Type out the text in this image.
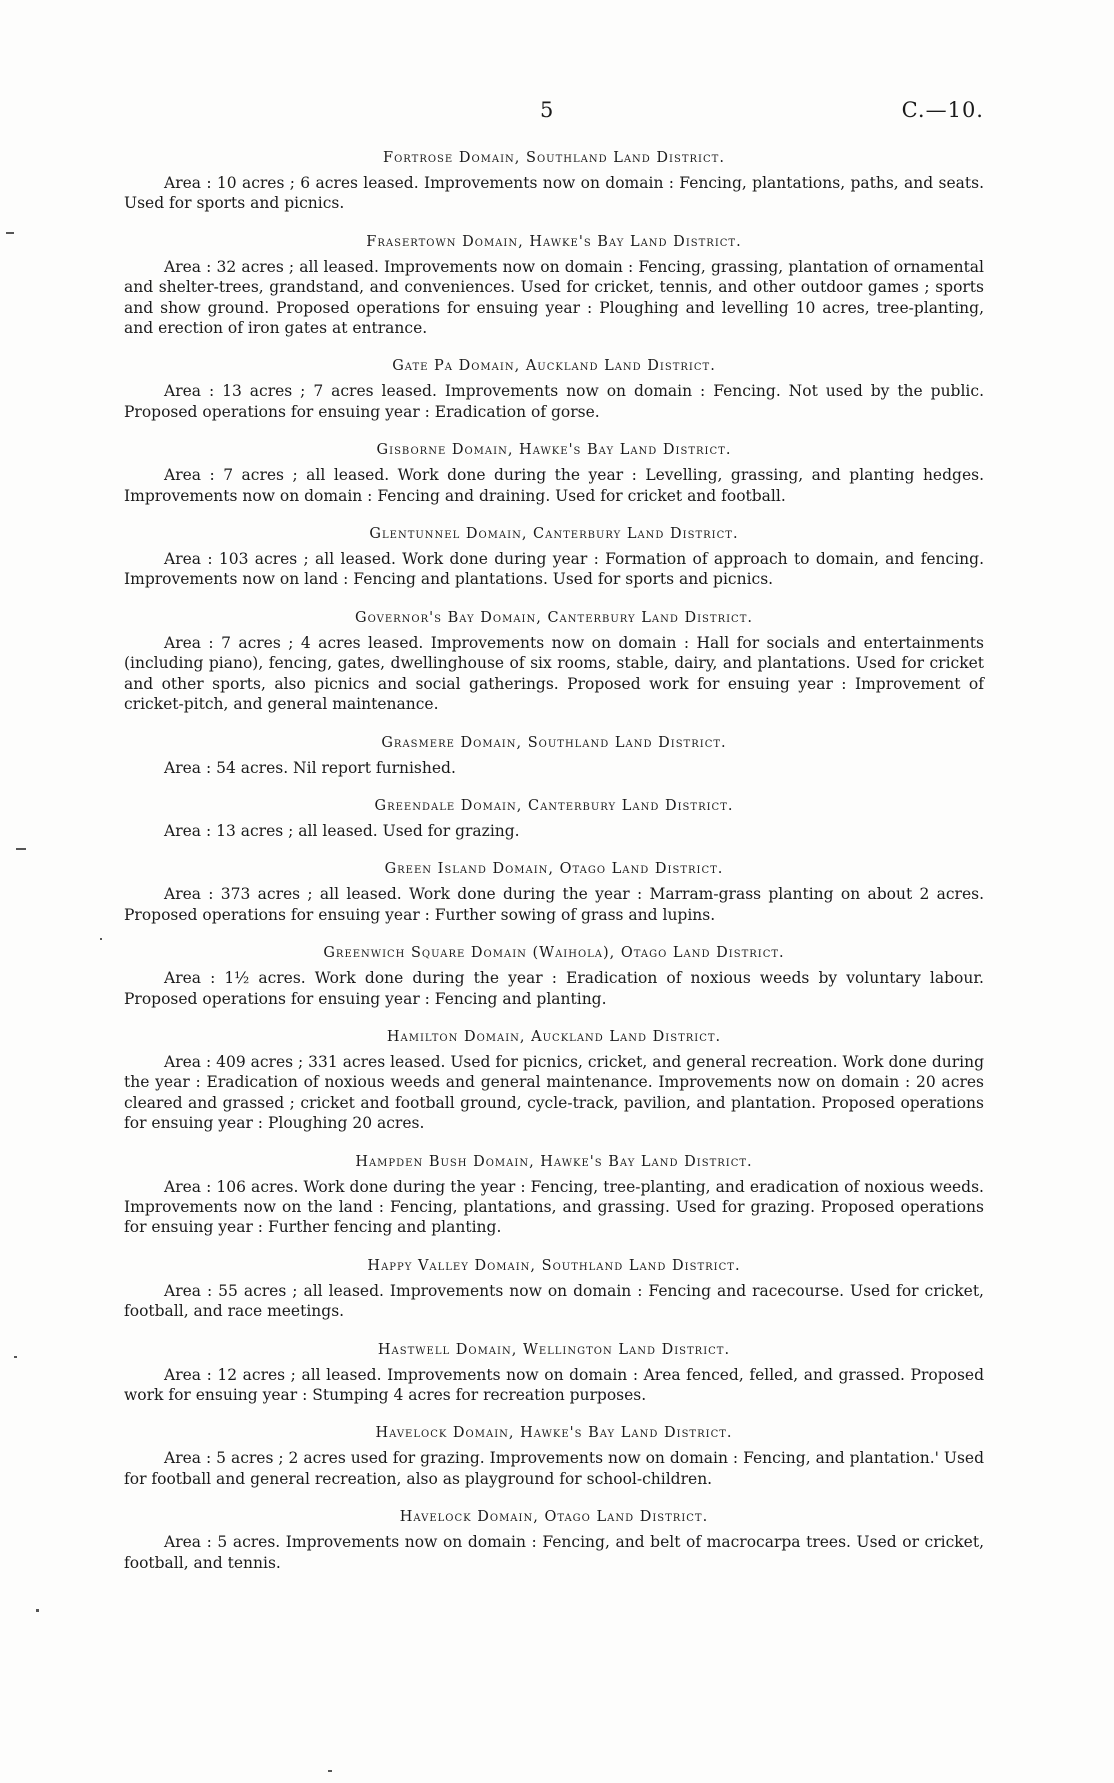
5	C.—10.
Fortrose Domain, Southland Land District.

Area : 10 acres ; 6 acres leased. Improvements now on domain : Fencing, plantations, paths, and seats. Used for sports and picnics.

Frasertown Domain, Hawke's Bay Land District.

Area : 32 acres ; all leased. Improvements now on domain : Fencing, grassing, plantation of ornamental and shelter-trees, grandstand, and conveniences. Used for cricket, tennis, and other outdoor games ; sports and show ground. Proposed operations for ensuing year : Ploughing and levelling 10 acres, tree-planting, and erection of iron gates at entrance.

Gate Pa Domain, Auckland Land District.

Area : 13 acres ; 7 acres leased. Improvements now on domain : Fencing. Not used by the public. Proposed operations for ensuing year : Eradication of gorse.

Gisborne Domain, Hawke's Bay Land District.

Area : 7 acres ; all leased. Work done during the year : Levelling, grassing, and planting hedges. Improvements now on domain : Fencing and draining. Used for cricket and football.

Glentunnel Domain, Canterbury Land District.

Area : 103 acres ; all leased. Work done during year : Formation of approach to domain, and fencing. Improvements now on land : Fencing and plantations. Used for sports and picnics.

Governor's Bay Domain, Canterbury Land District.

Area : 7 acres ; 4 acres leased. Improvements now on domain : Hall for socials and entertainments (including piano), fencing, gates, dwellinghouse of six rooms, stable, dairy, and plantations. Used for cricket and other sports, also picnics and social gatherings. Proposed work for ensuing year : Improvement of cricket-pitch, and general maintenance.

Grasmere Domain, Southland Land District.

Area : 54 acres. Nil report furnished.

Greendale Domain, Canterbury Land District.

Area : 13 acres ; all leased. Used for grazing.

Green Island Domain, Otago Land District.

Area : 373 acres ; all leased. Work done during the year : Marram-grass planting on about 2 acres. Proposed operations for ensuing year : Further sowing of grass and lupins.

Greenwich Square Domain (Waihola), Otago Land District.

Area : 1½ acres. Work done during the year : Eradication of noxious weeds by voluntary labour. Proposed operations for ensuing year : Fencing and planting.

Hamilton Domain, Auckland Land District.

Area : 409 acres ; 331 acres leased. Used for picnics, cricket, and general recreation. Work done during the year : Eradication of noxious weeds and general maintenance. Improvements now on domain : 20 acres cleared and grassed ; cricket and football ground, cycle-track, pavilion, and plantation. Proposed operations for ensuing year : Ploughing 20 acres.

Hampden Bush Domain, Hawke's Bay Land District.

Area : 106 acres. Work done during the year : Fencing, tree-planting, and eradication of noxious weeds. Improvements now on the land : Fencing, plantations, and grassing. Used for grazing. Proposed operations for ensuing year : Further fencing and planting.

Happy Valley Domain, Southland Land District.

Area : 55 acres ; all leased. Improvements now on domain : Fencing and racecourse. Used for cricket, football, and race meetings.

Hastwell Domain, Wellington Land District.

Area : 12 acres ; all leased. Improvements now on domain : Area fenced, felled, and grassed. Proposed work for ensuing year : Stumping 4 acres for recreation purposes.

Havelock Domain, Hawke's Bay Land District.

Area : 5 acres ; 2 acres used for grazing. Improvements now on domain : Fencing, and plantation.' Used for football and general recreation, also as playground for school-children.

Havelock Domain, Otago Land District.

Area : 5 acres. Improvements now on domain : Fencing, and belt of macrocarpa trees. Used or cricket, football, and tennis.
